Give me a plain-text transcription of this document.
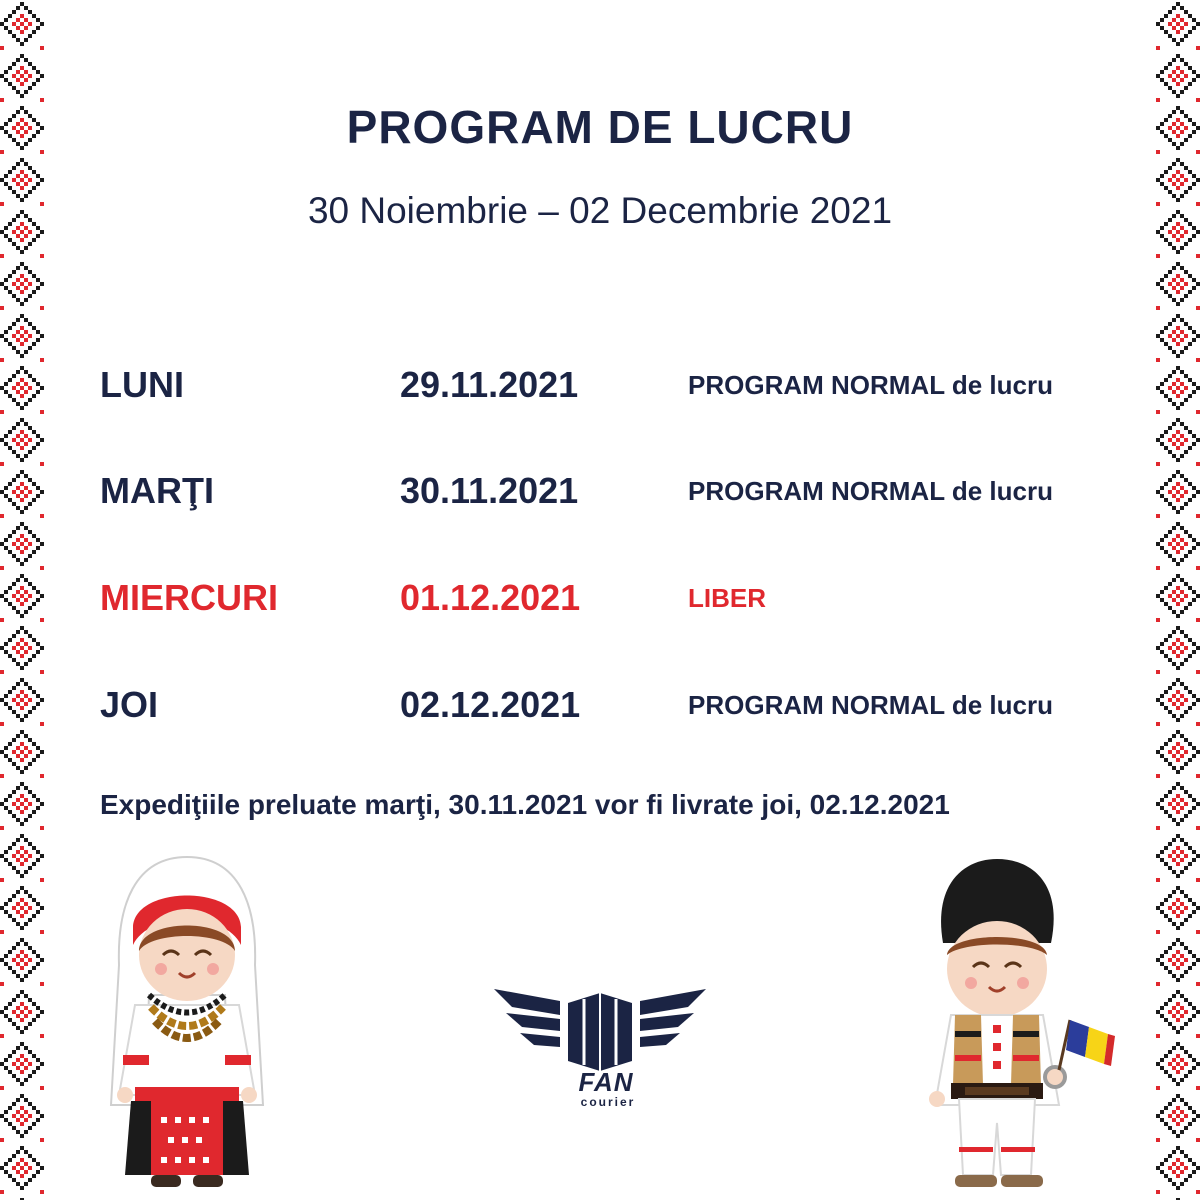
PROGRAM DE LUCRU
30 Noiembrie – 02 Decembrie 2021
LUNI	29.11.2021	PROGRAM NORMAL de lucru
MARŢI	30.11.2021	PROGRAM NORMAL de lucru
MIERCURI	01.12.2021	LIBER
JOI	02.12.2021	PROGRAM NORMAL de lucru
Expediţiile preluate marţi, 30.11.2021 vor fi livrate joi, 02.12.2021

FAN

courier
